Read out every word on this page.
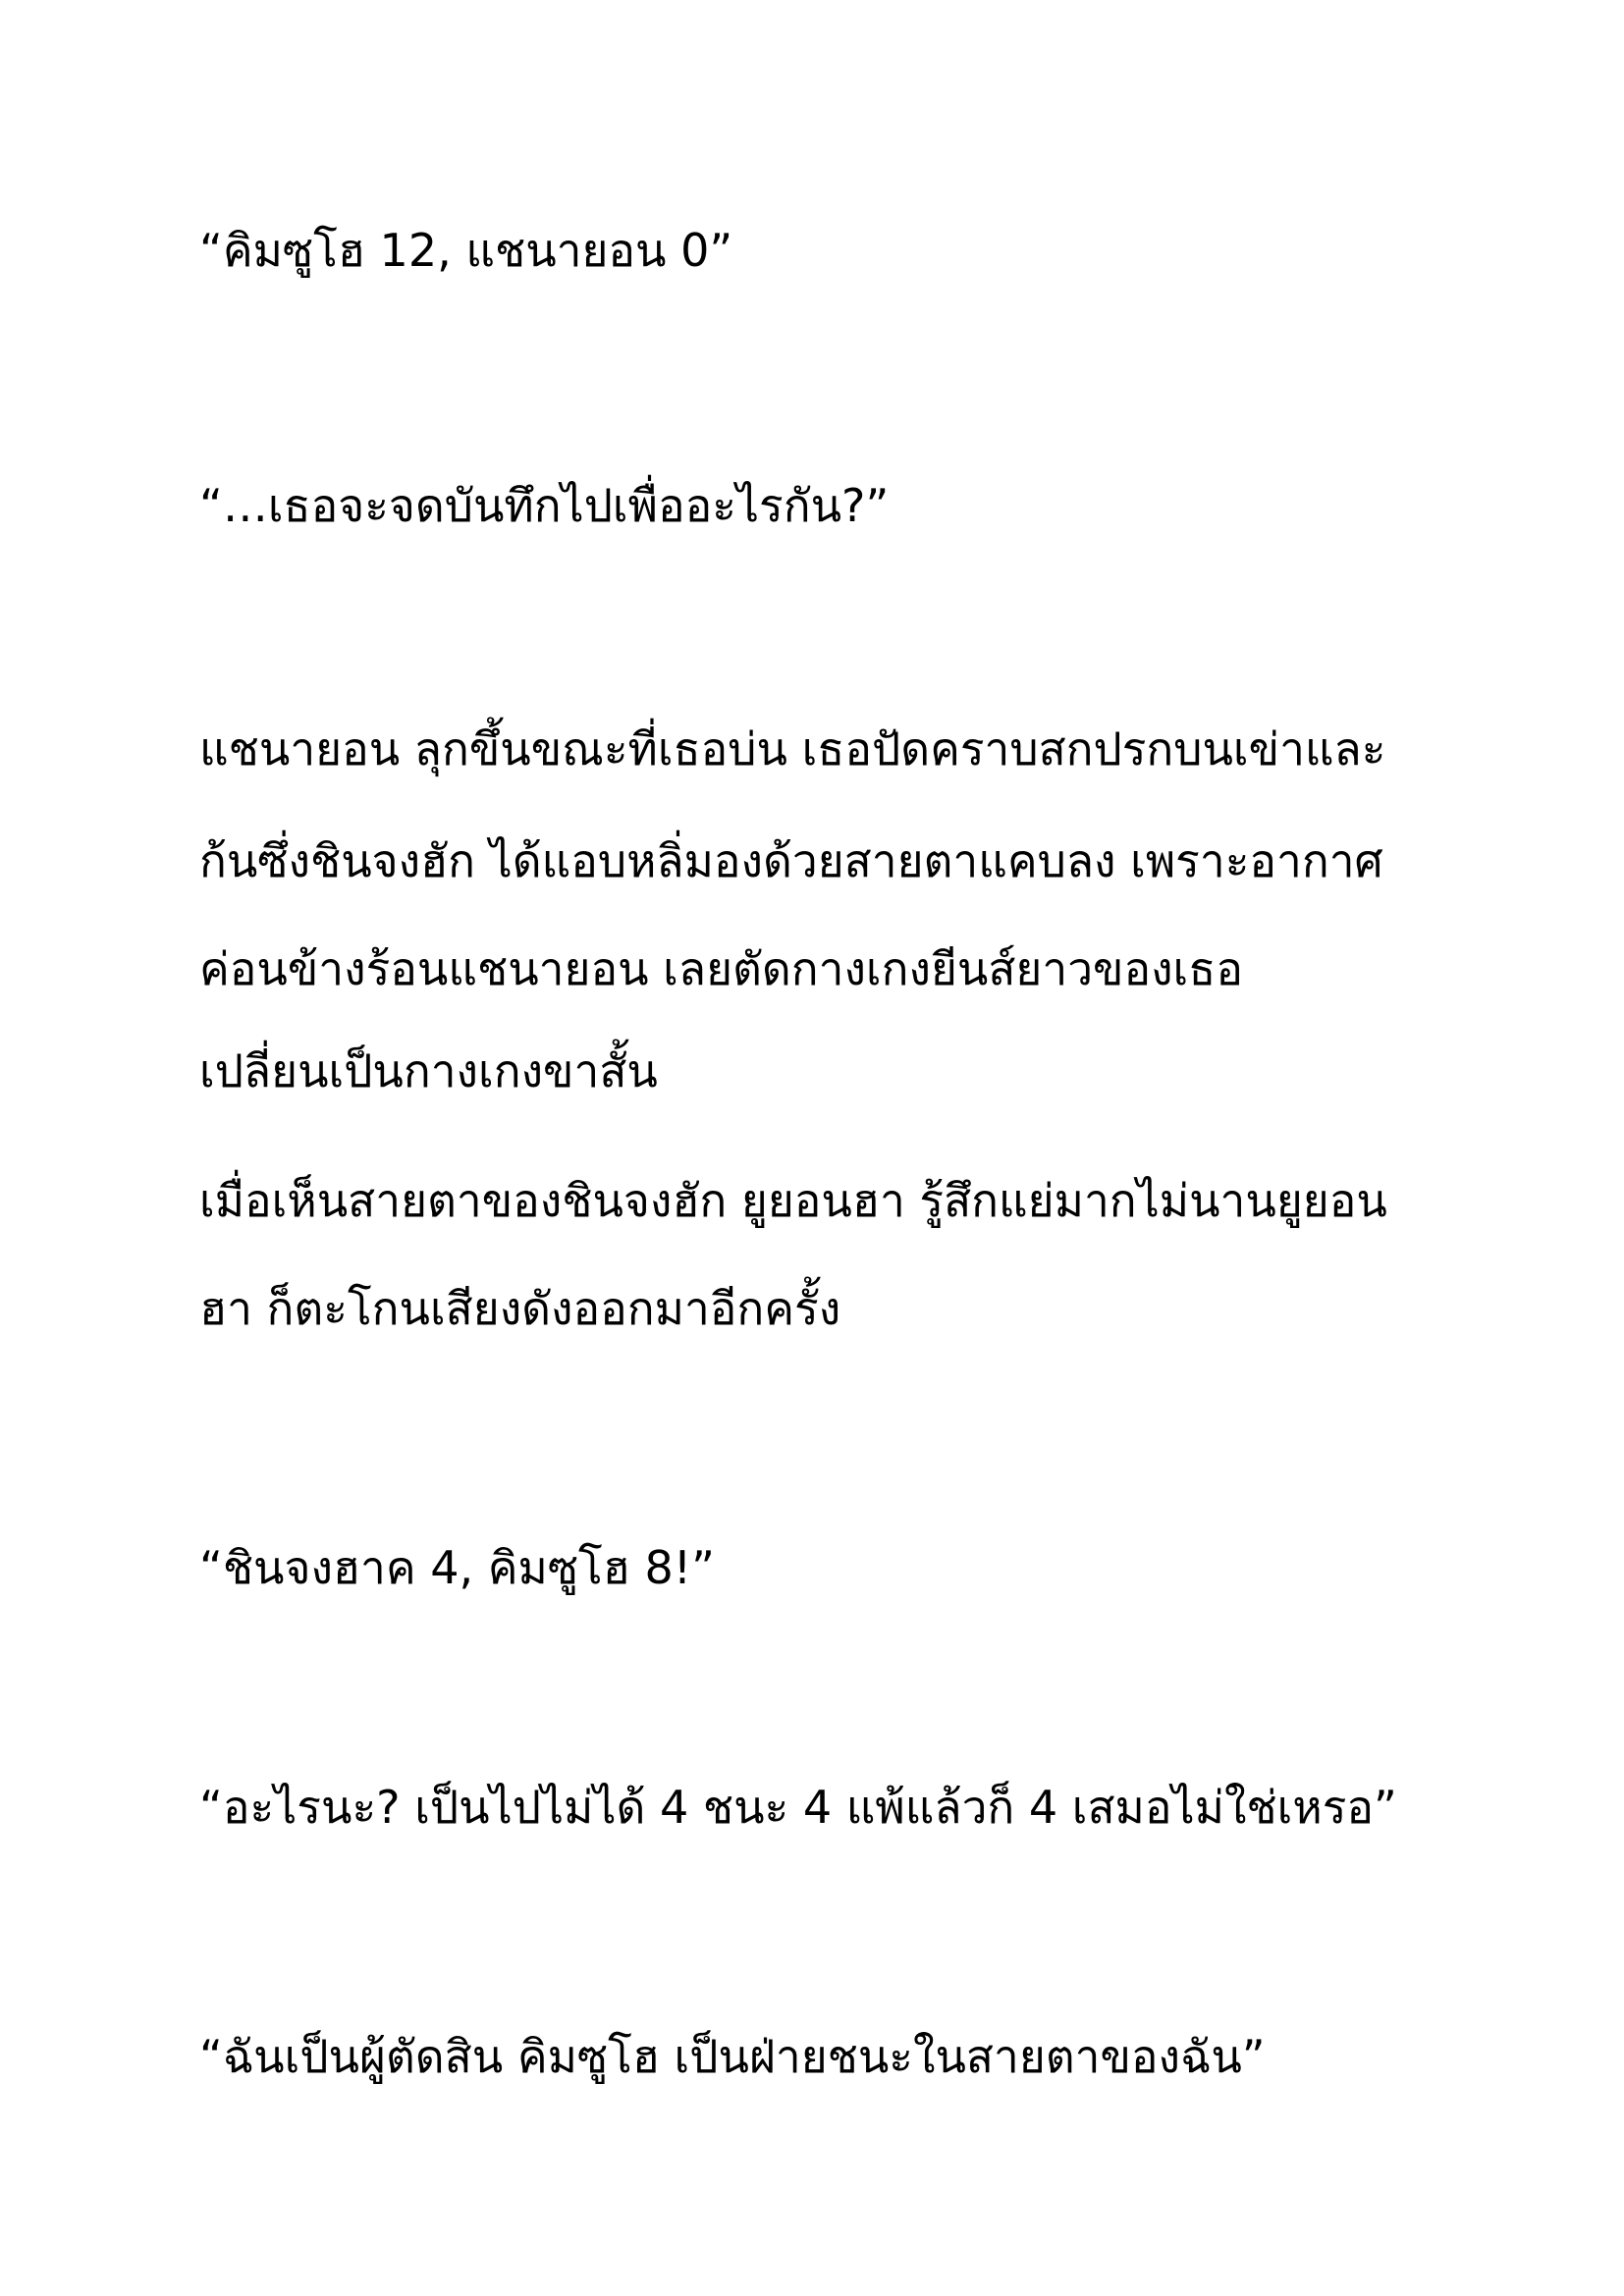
“คิมซูโฮ 12, แชนายอน 0”

“…เธอจะจดบันทึกไปเพื่ออะไรกัน?”

แชนายอน ลุกขึ้นขณะที่เธอบ่น เธอปัดคราบสกปรกบนเข่าและ

ก้นซึ่งชินจงฮัก ได้แอบหลิ่มองด้วยสายตาแคบลง เพราะอากาศ

ค่อนข้างร้อนแชนายอน เลยตัดกางเกงยีนส์ยาวของเธอ

เปลี่ยนเป็นกางเกงขาสั้น

เมื่อเห็นสายตาของชินจงฮัก ยูยอนฮา รู้สึกแย่มากไม่นานยูยอน

ฮา ก็ตะโกนเสียงดังออกมาอีกครั้ง

“ชินจงฮาค 4, คิมซูโฮ 8!”

“อะไรนะ? เป็นไปไม่ได้ 4 ชนะ 4 แพ้แล้วก็ 4 เสมอไม่ใช่เหรอ”

“ฉันเป็นผู้ตัดสิน คิมซูโฮ เป็นฝ่ายชนะในสายตาของฉัน”
